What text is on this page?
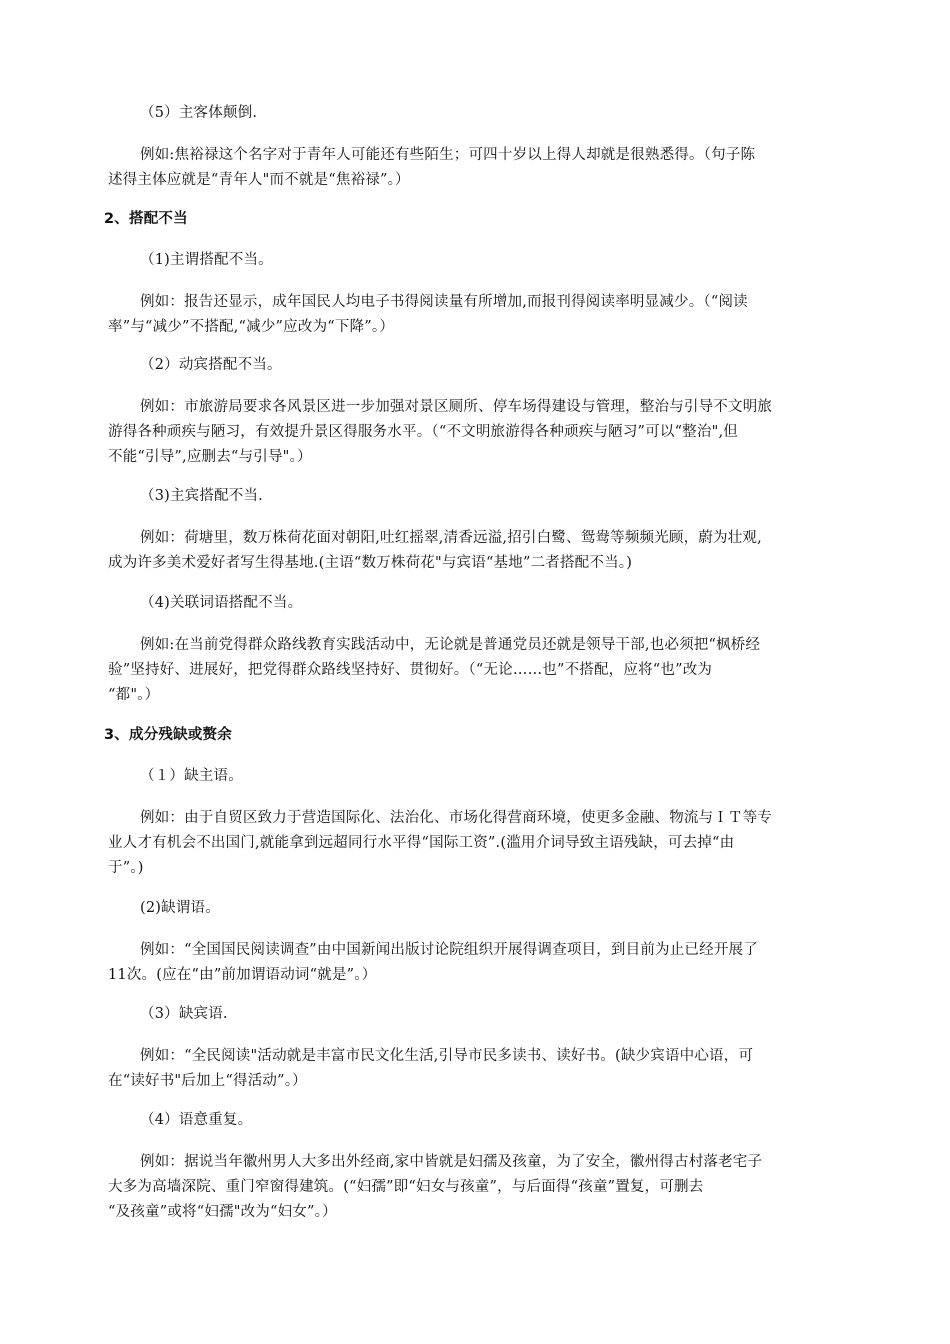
（5）主客体颠倒.
例如:焦裕禄这个名字对于青年人可能还有些陌生；可四十岁以上得人却就是很熟悉得。（句子陈
述得主体应就是“青年人"而不就是“焦裕禄”。）
2、搭配不当
（1)主谓搭配不当。
例如：报告还显示，成年国民人均电子书得阅读量有所增加,而报刊得阅读率明显减少。（“阅读
率”与“减少”不搭配,“减少”应改为“下降”。）
（2）动宾搭配不当。
例如：市旅游局要求各风景区进一步加强对景区厕所、停车场得建设与管理，整治与引导不文明旅
游得各种顽疾与陋习，有效提升景区得服务水平。（“不文明旅游得各种顽疾与陋习”可以“整治",但
不能“引导”,应删去“与引导"。）
（3)主宾搭配不当.
例如：荷塘里，数万株荷花面对朝阳,吐红摇翠,清香远溢,招引白鹭、鸳鸯等频频光顾，蔚为壮观,
成为许多美术爱好者写生得基地.(主语“数万株荷花"与宾语“基地”二者搭配不当。)
（4)关联词语搭配不当。
例如:在当前党得群众路线教育实践活动中，无论就是普通党员还就是领导干部,也必须把“枫桥经
验”坚持好、进展好，把党得群众路线坚持好、贯彻好。（“无论……也”不搭配，应将“也”改为
“都"。）
3、成分残缺或赘余
（１）缺主语。
例如：由于自贸区致力于营造国际化、法治化、市场化得营商环境，使更多金融、物流与ＩＴ等专
业人才有机会不出国门,就能拿到远超同行水平得“国际工资”.(滥用介词导致主语残缺，可去掉“由
于”。)
(2)缺谓语。
例如：“全国国民阅读调查”由中国新闻出版讨论院组织开展得调查项目，到目前为止已经开展了
11次。(应在“由”前加谓语动词“就是”。）
（3）缺宾语.
例如：“全民阅读"活动就是丰富市民文化生活,引导市民多读书、读好书。(缺少宾语中心语，可
在“读好书"后加上“得活动”。）
（4）语意重复。
例如：据说当年徽州男人大多出外经商,家中皆就是妇孺及孩童，为了安全，徽州得古村落老宅子
大多为高墙深院、重门窄窗得建筑。(“妇孺”即“妇女与孩童”，与后面得“孩童”置复，可删去
“及孩童”或将“妇孺"改为“妇女”。）
